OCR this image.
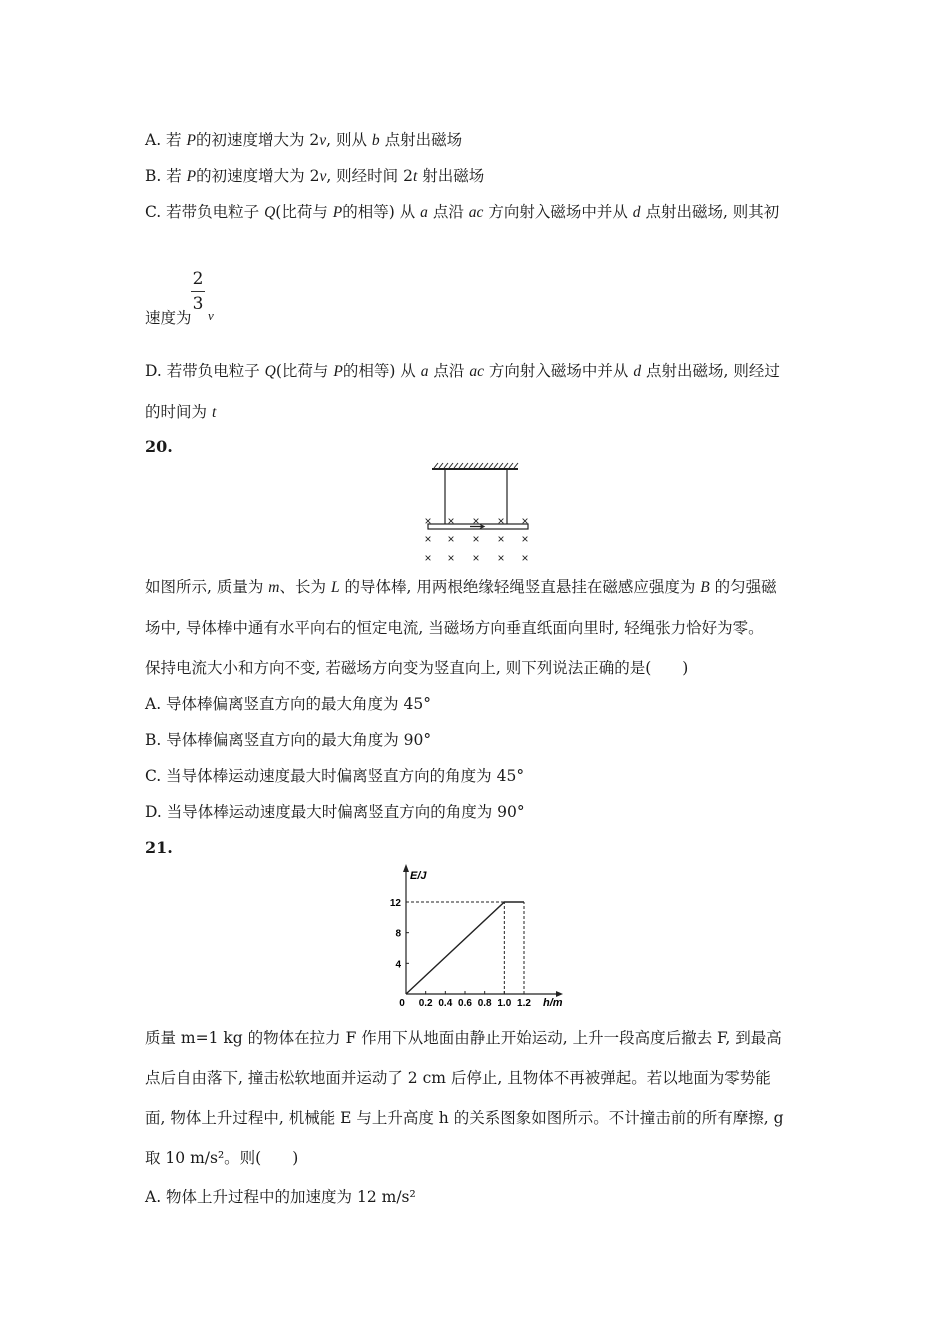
A. 若 P的初速度增大为 2v, 则从 b 点射出磁场
B. 若 P的初速度增大为 2v, 则经时间 2t 射出磁场
C. 若带负电粒子 Q(比荷与 P的相等) 从 a 点沿 ac 方向射入磁场中并从 d 点射出磁场, 则其初
2
3
速度为 v
D. 若带负电粒子 Q(比荷与 P的相等) 从 a 点沿 ac 方向射入磁场中并从 d 点射出磁场, 则经过
的时间为 t
20.
× × × × ×
× × × × ×
× × × × ×
如图所示, 质量为 m、长为 L 的导体棒, 用两根绝缘轻绳竖直悬挂在磁感应强度为 B 的匀强磁
场中, 导体棒中通有水平向右的恒定电流, 当磁场方向垂直纸面向里时, 轻绳张力恰好为零。
保持电流大小和方向不变, 若磁场方向变为竖直向上, 则下列说法正确的是(　　)
A. 导体棒偏离竖直方向的最大角度为 45°
B. 导体棒偏离竖直方向的最大角度为 90°
C. 当导体棒运动速度最大时偏离竖直方向的角度为 45°
D. 当导体棒运动速度最大时偏离竖直方向的角度为 90°
21.
E/J
h/m
0 0.2 0.4 0.6 0.8 1.0 1.2
4
8
12
质量 m=1 kg 的物体在拉力 F 作用下从地面由静止开始运动, 上升一段高度后撤去 F, 到最高
点后自由落下, 撞击松软地面并运动了 2 cm 后停止, 且物体不再被弹起。若以地面为零势能
面, 物体上升过程中, 机械能 E 与上升高度 h 的关系图象如图所示。不计撞击前的所有摩擦, g
取 10 m/s²。则(　　)
A. 物体上升过程中的加速度为 12 m/s²
